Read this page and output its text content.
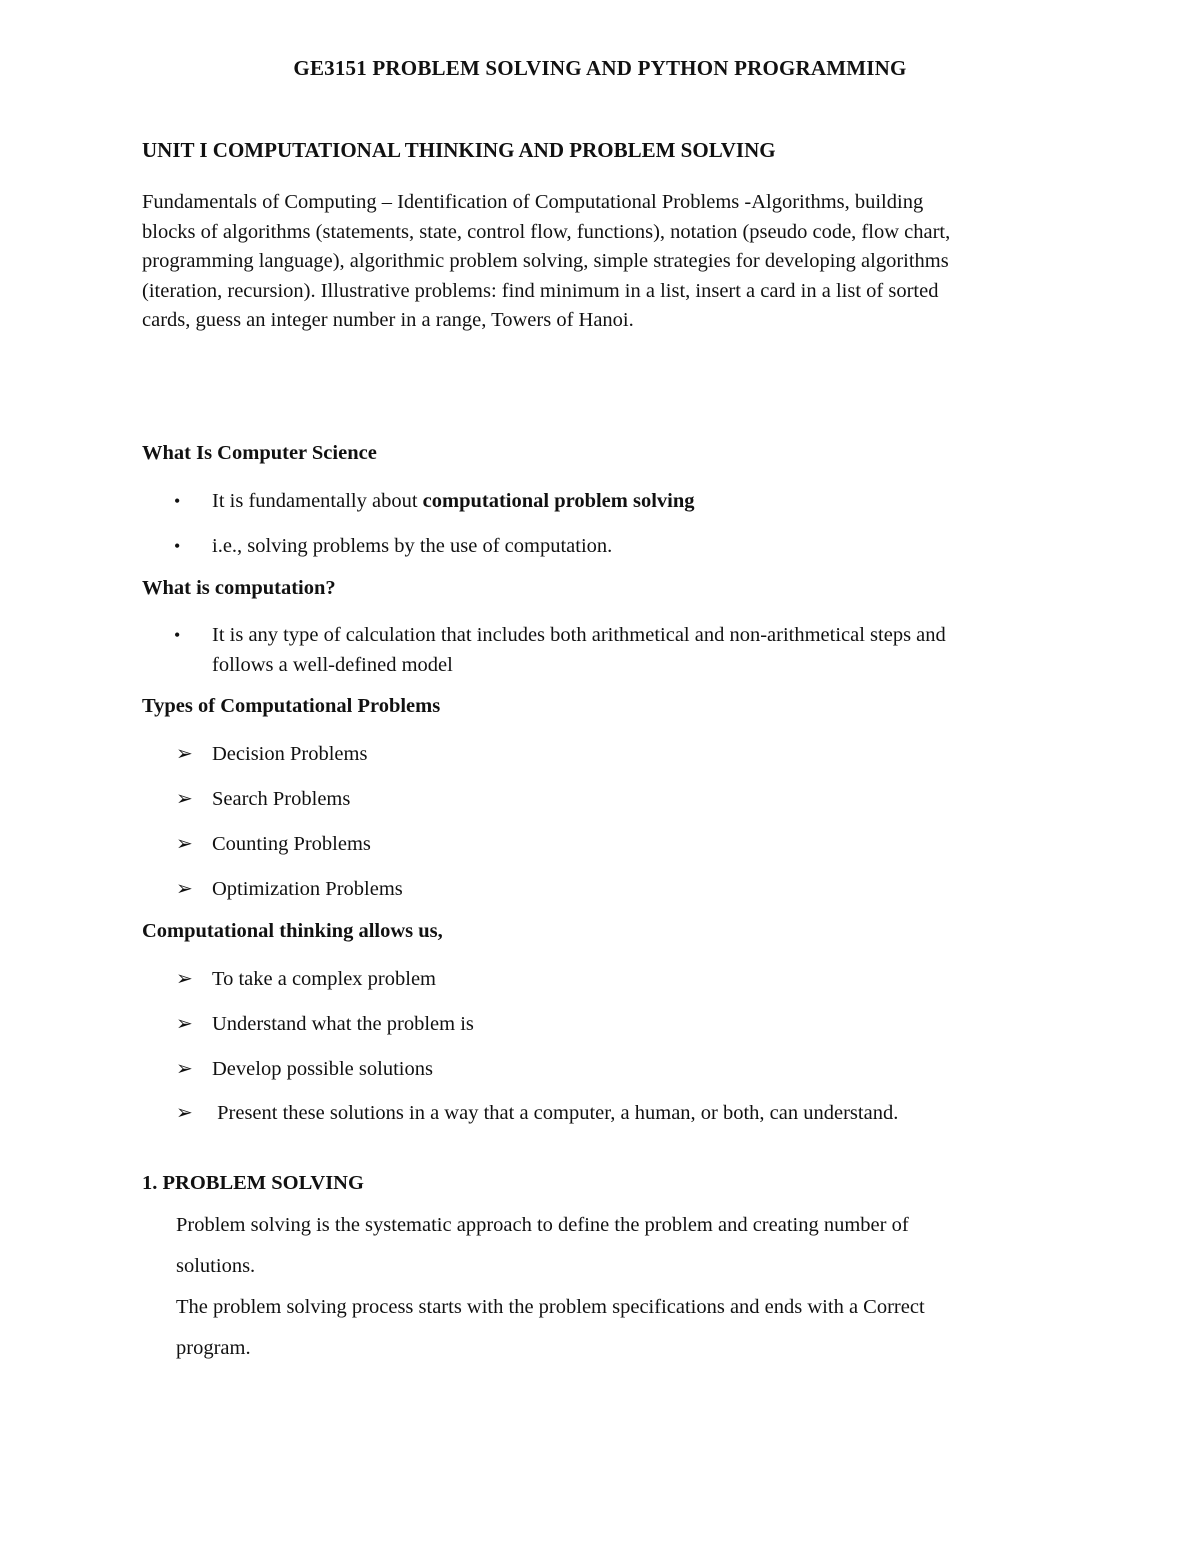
GE3151 PROBLEM SOLVING AND PYTHON PROGRAMMING
UNIT I COMPUTATIONAL THINKING AND PROBLEM SOLVING
Fundamentals of Computing – Identification of Computational Problems -Algorithms, building
blocks of algorithms (statements, state, control flow, functions), notation (pseudo code, flow chart,
programming language), algorithmic problem solving, simple strategies for developing algorithms
(iteration, recursion). Illustrative problems: find minimum in a list, insert a card in a list of sorted
cards, guess an integer number in a range, Towers of Hanoi.
What Is Computer Science
• It is fundamentally about computational problem solving
• i.e., solving problems by the use of computation.
What is computation?
• It is any type of calculation that includes both arithmetical and non-arithmetical steps and
follows a well-defined model
Types of Computational Problems
➢ Decision Problems
➢ Search Problems
➢ Counting Problems
➢ Optimization Problems
Computational thinking allows us,
➢ To take a complex problem
➢ Understand what the problem is
➢ Develop possible solutions
➢ Present these solutions in a way that a computer, a human, or both, can understand.
1. PROBLEM SOLVING
Problem solving is the systematic approach to define the problem and creating number of
solutions.
The problem solving process starts with the problem specifications and ends with a Correct
program.
